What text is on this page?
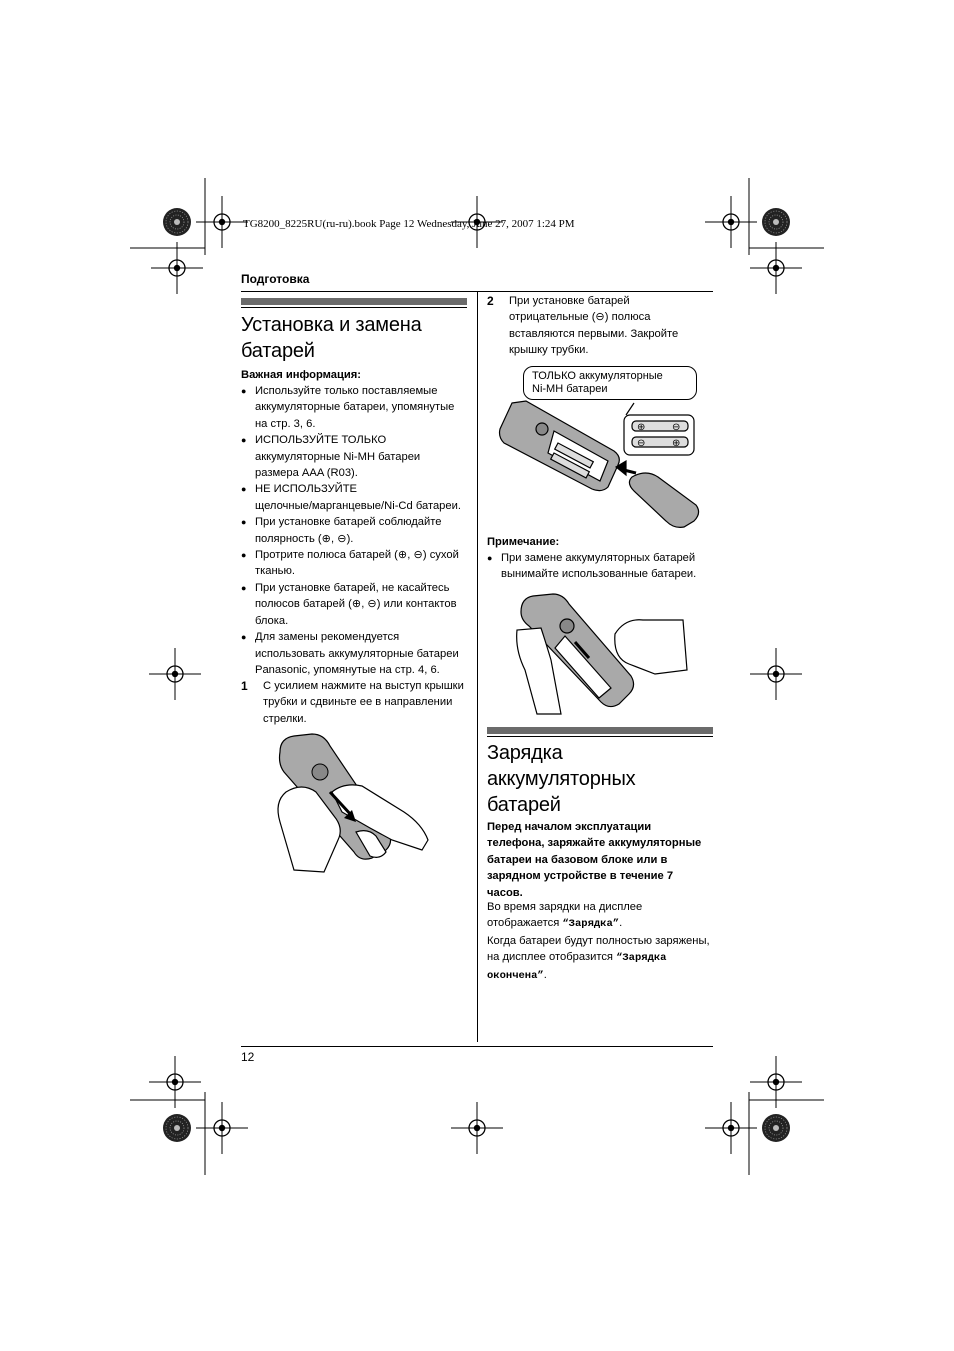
TG8200_8225RU(ru-ru).book Page 12 Wednesday, June 27, 2007 1:24 PM
Подготовка
Установка и замена
батарей
Важная информация:
● Используйте только поставляемые
аккумуляторные батареи, упомянутые
на стр. 3, 6.
● ИСПОЛЬЗУЙТЕ ТОЛЬКО
аккумуляторные Ni-MH батареи
размера AAA (R03).
● НЕ ИСПОЛЬЗУЙТЕ
щелочные/марганцевые/Ni-Cd батареи.
● При установке батарей соблюдайте
полярность (⊕, ⊖).
● Протрите полюса батарей (⊕, ⊖) сухой
тканью.
● При установке батарей, не касайтесь
полюсов батарей (⊕, ⊖) или контактов
блока.
● Для замены рекомендуется
использовать аккумуляторные батареи
Panasonic, упомянутые на стр. 4, 6.
1 С усилием нажмите на выступ крышки
трубки и сдвиньте ее в направлении
стрелки.
2 При установке батарей
отрицательные (⊖) полюса
вставляются первыми. Закройте
крышку трубки.
⊕	⊖
⊖	⊕
ТОЛЬКО аккумуляторные
Ni-MH батареи
Примечание:
● При замене аккумуляторных батарей
вынимайте использованные батареи.
Зарядка
аккумуляторных
батарей
Перед началом эксплуатации
телефона, заряжайте аккумуляторные
батареи на базовом блоке или в
зарядном устройстве в течение 7
часов.
Во время зарядки на дисплее
отображается “Зарядка”.
Когда батареи будут полностью заряжены,
на дисплее отобразится “Зарядка
окончена”.
12
